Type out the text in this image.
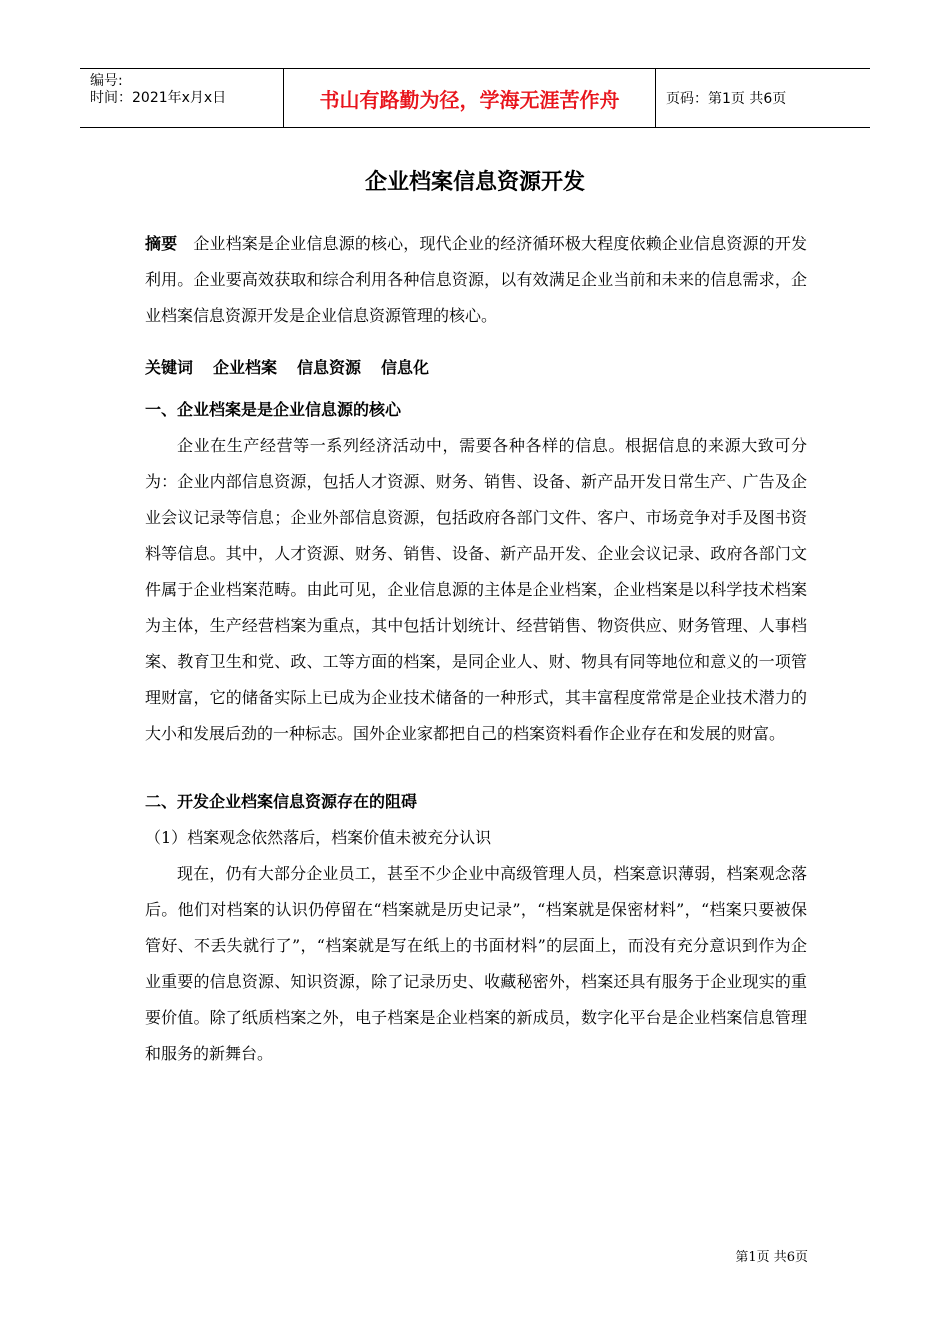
编号:
时间：2021年x月x日	书山有路勤为径，学海无涯苦作舟	页码：第1页 共6页
企业档案信息资源开发

摘要 企业档案是企业信息源的核心，现代企业的经济循环极大程度依赖企业信息资源的开发利用。企业要高效获取和综合利用各种信息资源，以有效满足企业当前和未来的信息需求，企业档案信息资源开发是企业信息资源管理的核心。

关键词 企业档案 信息资源 信息化

一、企业档案是是企业信息源的核心

企业在生产经营等一系列经济活动中，需要各种各样的信息。根据信息的来源大致可分为：企业内部信息资源，包括人才资源、财务、销售、设备、新产品开发日常生产、广告及企业会议记录等信息；企业外部信息资源，包括政府各部门文件、客户、市场竞争对手及图书资料等信息。其中，人才资源、财务、销售、设备、新产品开发、企业会议记录、政府各部门文件属于企业档案范畴。由此可见，企业信息源的主体是企业档案，企业档案是以科学技术档案为主体，生产经营档案为重点，其中包括计划统计、经营销售、物资供应、财务管理、人事档案、教育卫生和党、政、工等方面的档案，是同企业人、财、物具有同等地位和意义的一项管理财富，它的储备实际上已成为企业技术储备的一种形式，其丰富程度常常是企业技术潜力的大小和发展后劲的一种标志。国外企业家都把自己的档案资料看作企业存在和发展的财富。

二、开发企业档案信息资源存在的阻碍

（1）档案观念依然落后，档案价值未被充分认识

现在，仍有大部分企业员工，甚至不少企业中高级管理人员，档案意识薄弱，档案观念落后。他们对档案的认识仍停留在“档案就是历史记录”，“档案就是保密材料”，“档案只要被保管好、不丢失就行了”，“档案就是写在纸上的书面材料”的层面上，而没有充分意识到作为企业重要的信息资源、知识资源，除了记录历史、收藏秘密外，档案还具有服务于企业现实的重要价值。除了纸质档案之外，电子档案是企业档案的新成员，数字化平台是企业档案信息管理和服务的新舞台。

第1页 共6页
